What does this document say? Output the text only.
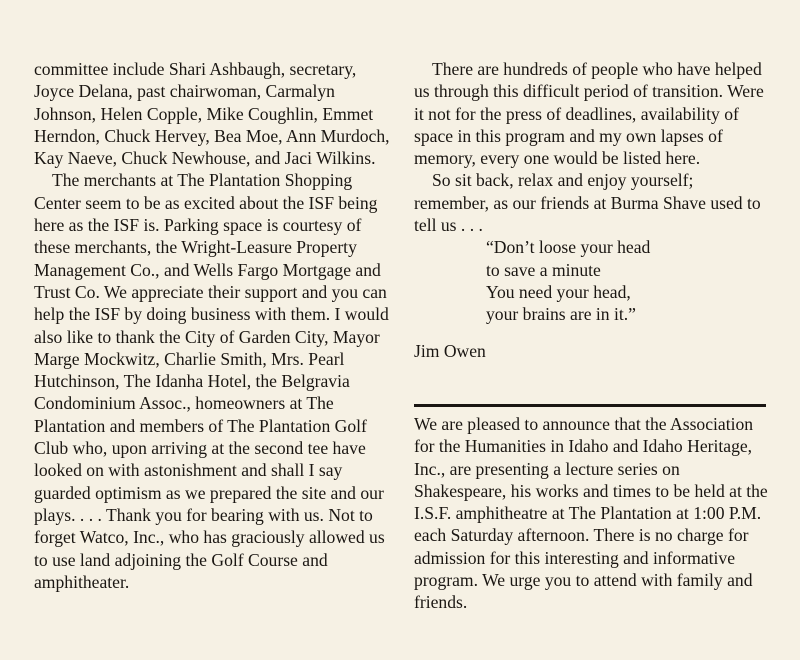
committee include Shari Ashbaugh, secretary, Joyce Delana, past chairwoman, Carmalyn Johnson, Helen Copple, Mike Coughlin, Emmet Herndon, Chuck Hervey, Bea Moe, Ann Murdoch, Kay Naeve, Chuck Newhouse, and Jaci Wilkins.

The merchants at The Plantation Shopping Center seem to be as excited about the ISF being here as the ISF is. Parking space is courtesy of these merchants, the Wright-Leasure Property Management Co., and Wells Fargo Mortgage and Trust Co. We appreciate their support and you can help the ISF by doing business with them. I would also like to thank the City of Garden City, Mayor Marge Mockwitz, Charlie Smith, Mrs. Pearl Hutchinson, The Idanha Hotel, the Belgravia Condominium Assoc., homeowners at The Plantation and members of The Plantation Golf Club who, upon arriving at the second tee have looked on with astonishment and shall I say guarded optimism as we prepared the site and our plays. . . . Thank you for bearing with us. Not to forget Watco, Inc., who has graciously allowed us to use land adjoining the Golf Course and amphitheater.

There are hundreds of people who have helped us through this difficult period of transition. Were it not for the press of deadlines, availability of space in this program and my own lapses of memory, every one would be listed here.

So sit back, relax and enjoy yourself; remember, as our friends at Burma Shave used to tell us . . .

“Don’t loose your head
to save a minute
You need your head,
your brains are in it.”

Jim Owen

We are pleased to announce that the Association for the Humanities in Idaho and Idaho Heritage, Inc., are presenting a lecture series on Shakespeare, his works and times to be held at the I.S.F. amphitheatre at The Plantation at 1:00 P.M. each Saturday afternoon. There is no charge for admission for this interesting and informative program. We urge you to attend with family and friends.
